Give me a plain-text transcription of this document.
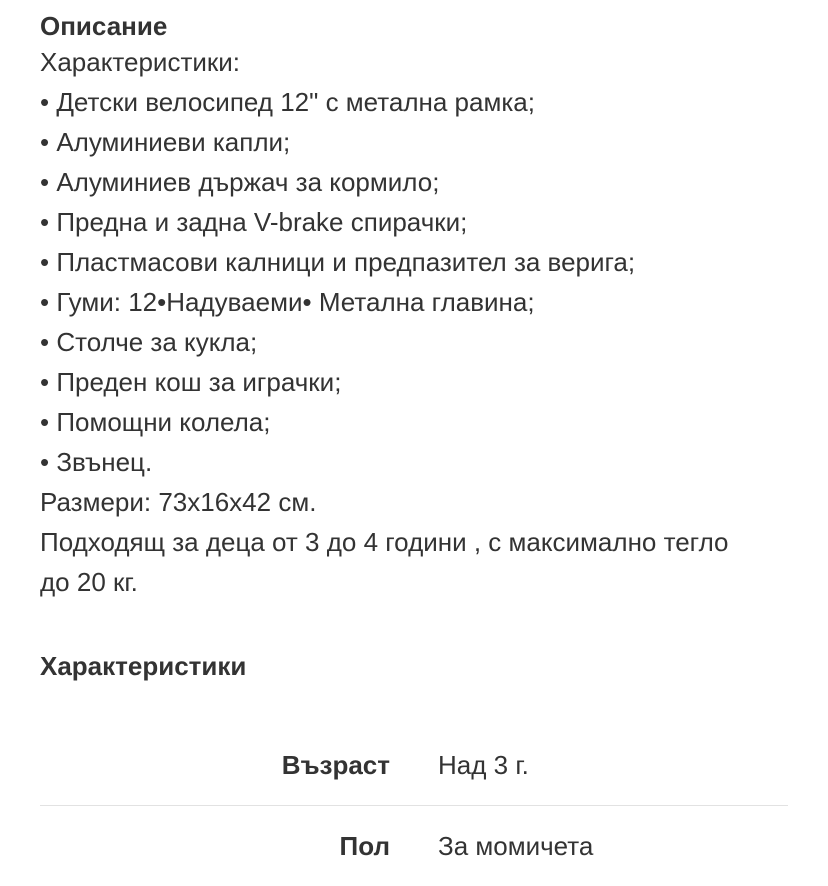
Описание

Характеристики:

• Детски велосипед 12" с метална рамка;

• Алуминиеви капли;

• Алуминиев държач за кормило;

• Предна и задна V-brake спирачки;

• Пластмасови калници и предпазител за верига;

• Гуми: 12•Надуваеми• Метална главина;

• Столче за кукла;

• Преден кош за играчки;

• Помощни колела;

• Звънец.

Размери: 73х16х42 см.

Подходящ за деца от 3 до 4 години , с максимално тегло до 20 кг.

Характеристики
Възраст Над 3 г.
Пол За момичета
